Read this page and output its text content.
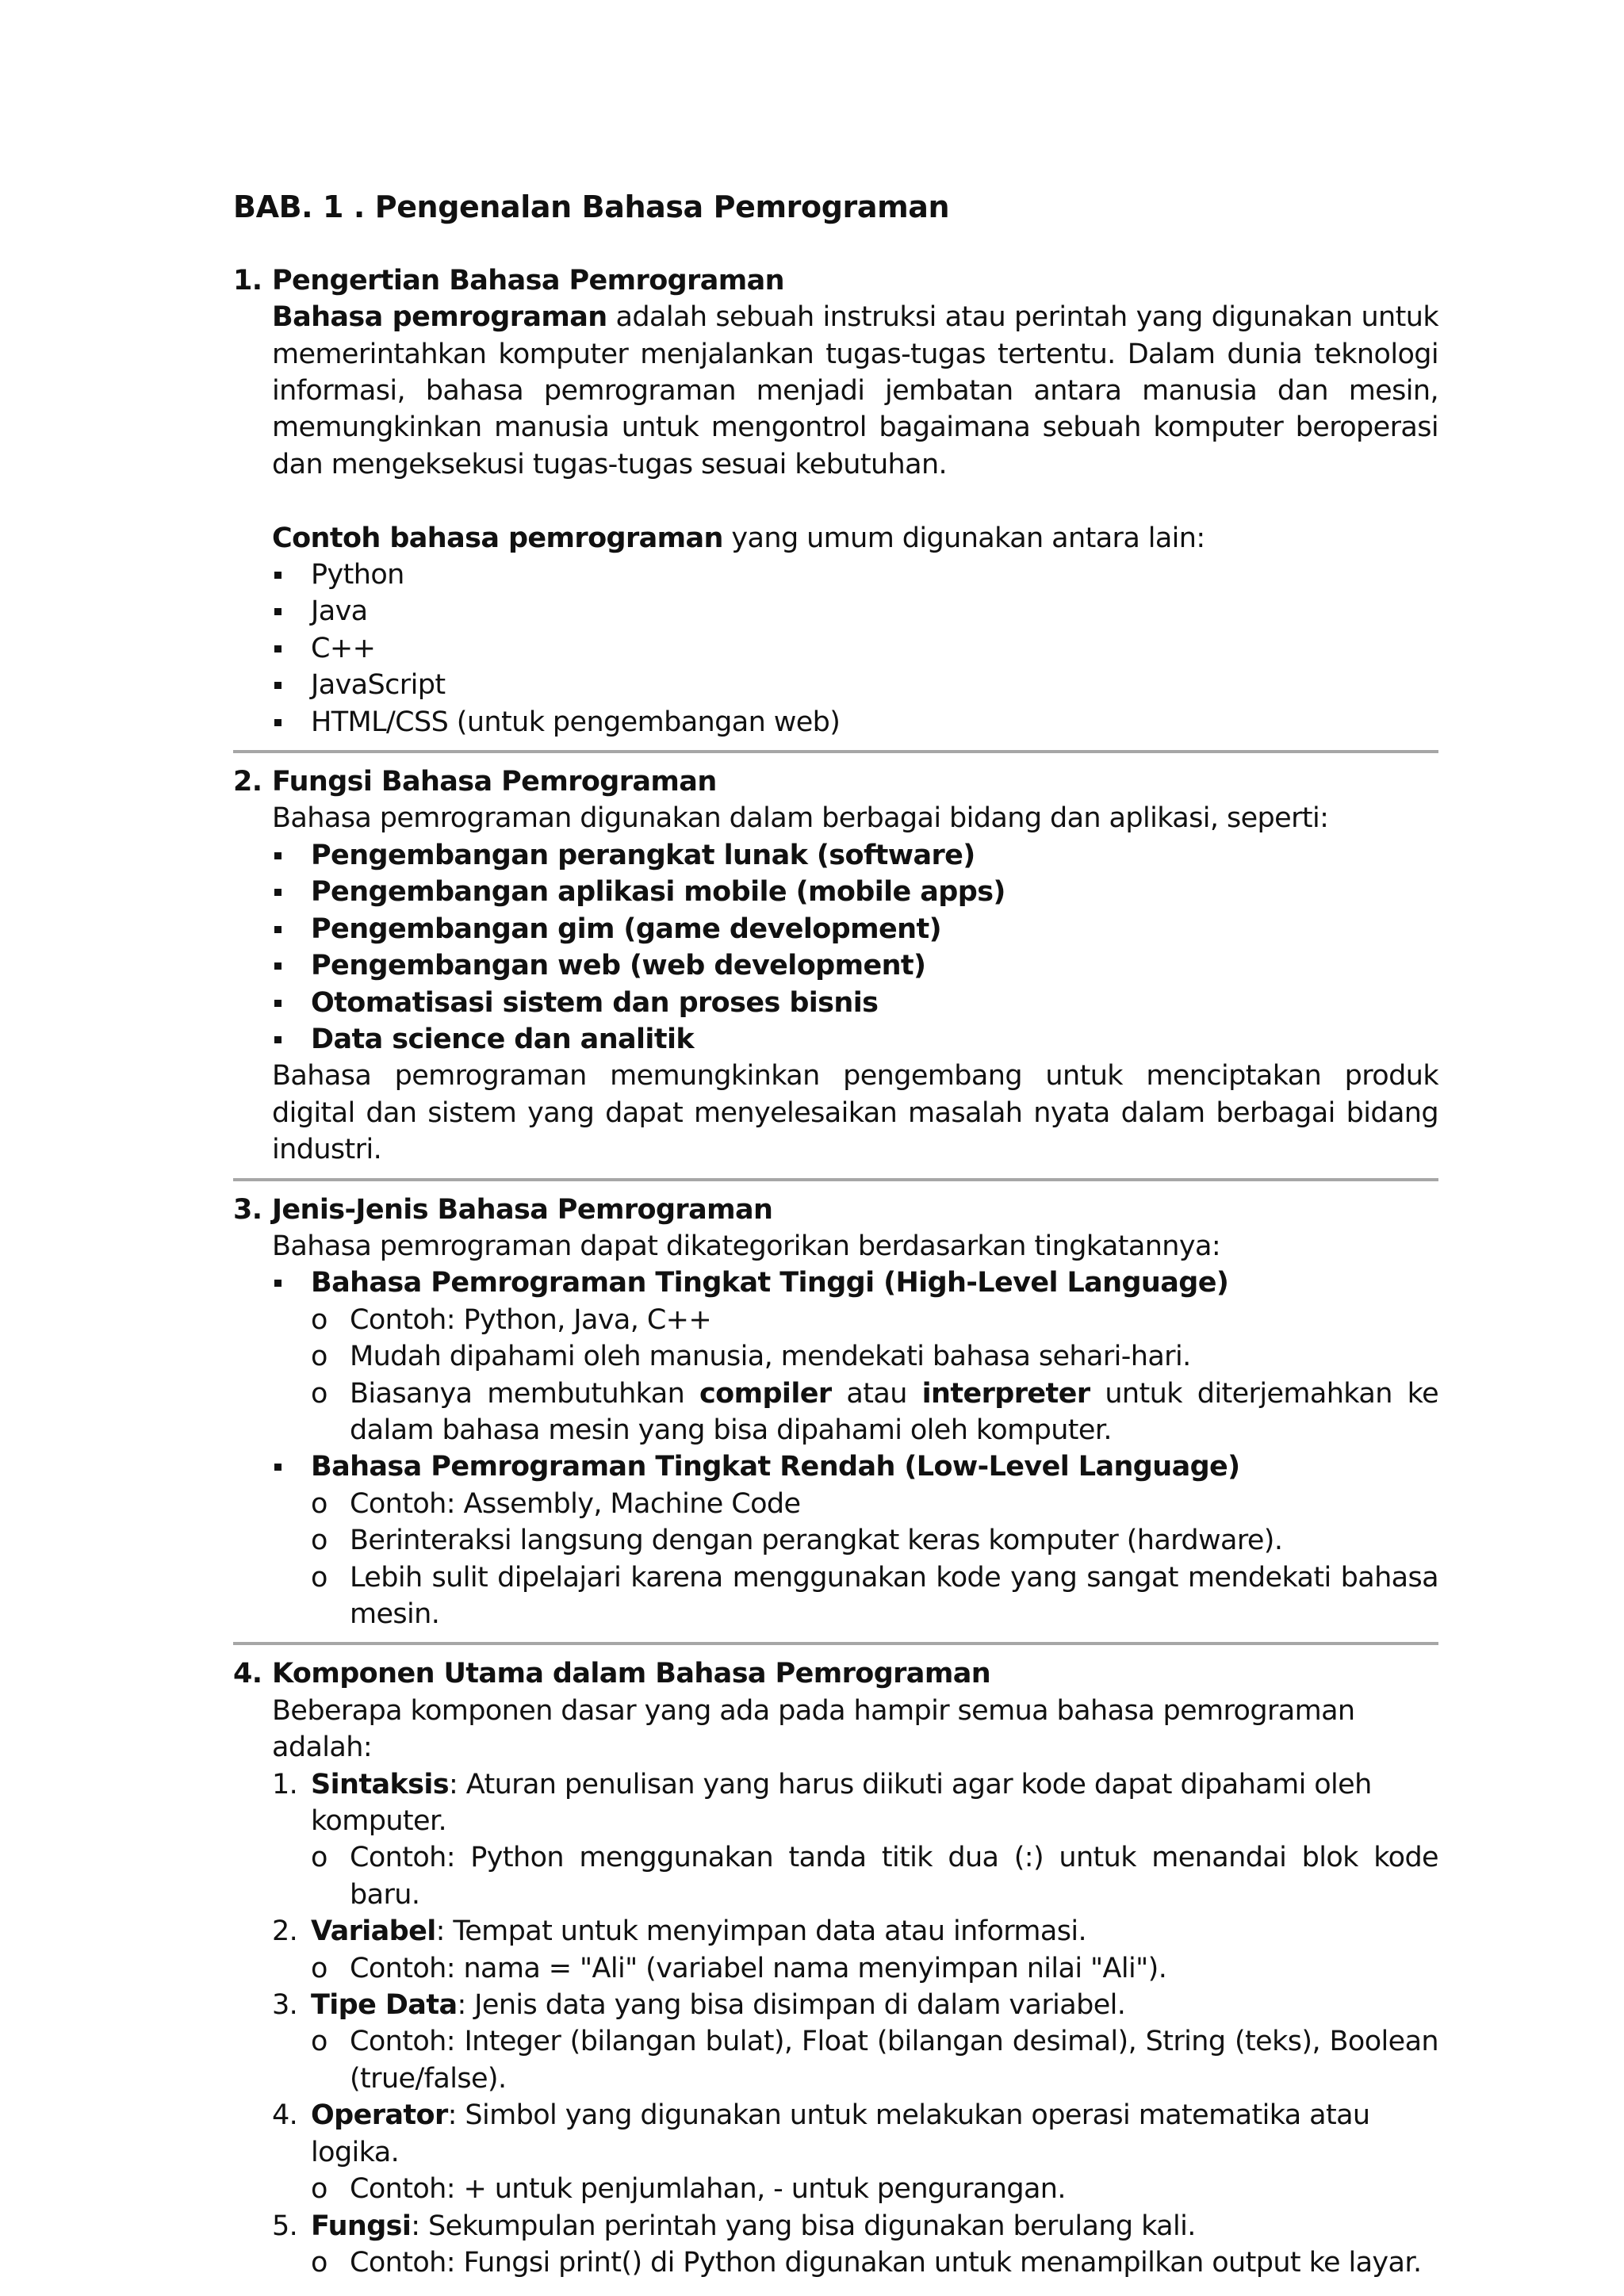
BAB. 1 . Pengenalan Bahasa Pemrograman

1. Pengertian Bahasa Pemrograman
Bahasa pemrograman adalah sebuah instruksi atau perintah yang digunakan untuk memerintahkan komputer menjalankan tugas-tugas tertentu. Dalam dunia teknologi informasi, bahasa pemrograman menjadi jembatan antara manusia dan mesin, memungkinkan manusia untuk mengontrol bagaimana sebuah komputer beroperasi dan mengeksekusi tugas-tugas sesuai kebutuhan.
Contoh bahasa pemrograman yang umum digunakan antara lain:
Python
Java
C++
JavaScript
HTML/CSS (untuk pengembangan web)
2. Fungsi Bahasa Pemrograman
Bahasa pemrograman digunakan dalam berbagai bidang dan aplikasi, seperti:
Pengembangan perangkat lunak (software)
Pengembangan aplikasi mobile (mobile apps)
Pengembangan gim (game development)
Pengembangan web (web development)
Otomatisasi sistem dan proses bisnis
Data science dan analitik
Bahasa pemrograman memungkinkan pengembang untuk menciptakan produk digital dan sistem yang dapat menyelesaikan masalah nyata dalam berbagai bidang industri.
3. Jenis-Jenis Bahasa Pemrograman
Bahasa pemrograman dapat dikategorikan berdasarkan tingkatannya:
Bahasa Pemrograman Tingkat Tinggi (High-Level Language)
o Contoh: Python, Java, C++
o Mudah dipahami oleh manusia, mendekati bahasa sehari-hari.
o Biasanya membutuhkan compiler atau interpreter untuk diterjemahkan ke dalam bahasa mesin yang bisa dipahami oleh komputer.
Bahasa Pemrograman Tingkat Rendah (Low-Level Language)
o Contoh: Assembly, Machine Code
o Berinteraksi langsung dengan perangkat keras komputer (hardware).
o Lebih sulit dipelajari karena menggunakan kode yang sangat mendekati bahasa mesin.
4. Komponen Utama dalam Bahasa Pemrograman
Beberapa komponen dasar yang ada pada hampir semua bahasa pemrograman adalah:
1. Sintaksis: Aturan penulisan yang harus diikuti agar kode dapat dipahami oleh komputer.
o Contoh: Python menggunakan tanda titik dua (:) untuk menandai blok kode baru.
2. Variabel: Tempat untuk menyimpan data atau informasi.
o Contoh: nama = "Ali" (variabel nama menyimpan nilai "Ali").
3. Tipe Data: Jenis data yang bisa disimpan di dalam variabel.
o Contoh: Integer (bilangan bulat), Float (bilangan desimal), String (teks), Boolean (true/false).
4. Operator: Simbol yang digunakan untuk melakukan operasi matematika atau logika.
o Contoh: + untuk penjumlahan, - untuk pengurangan.
5. Fungsi: Sekumpulan perintah yang bisa digunakan berulang kali.
o Contoh: Fungsi print() di Python digunakan untuk menampilkan output ke layar.
